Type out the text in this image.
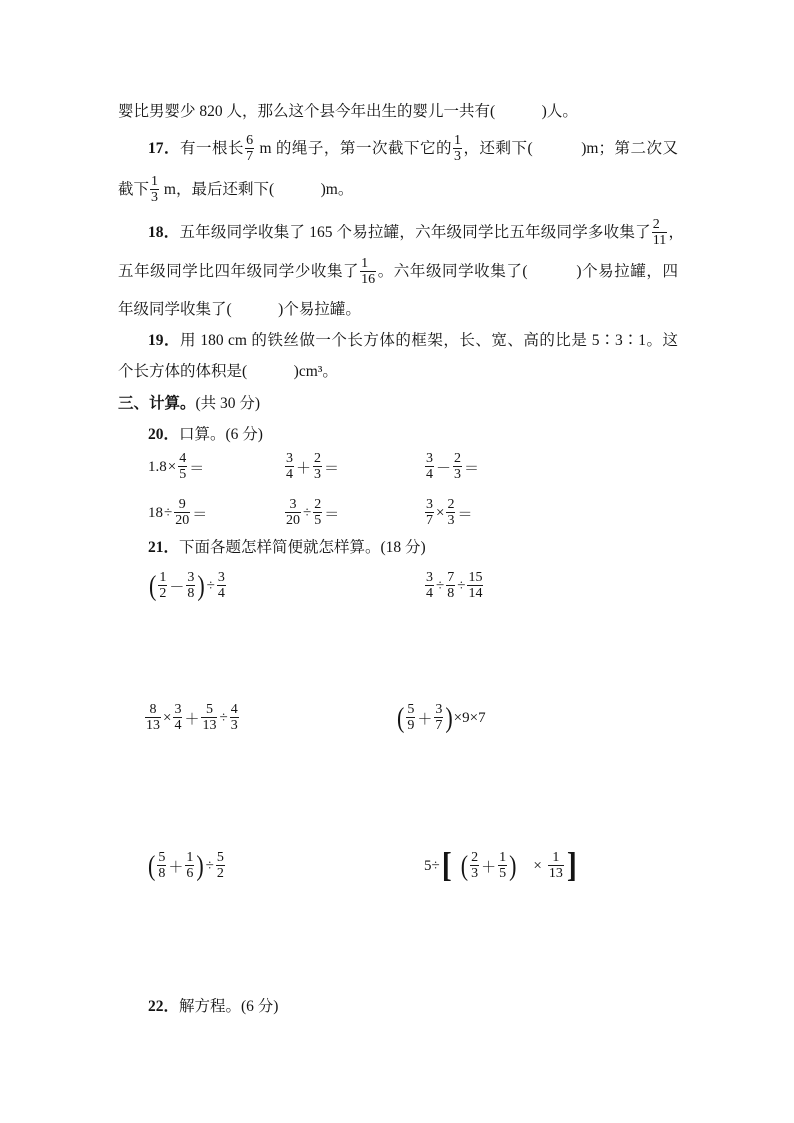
婴比男婴少 820 人，那么这个县今年出生的婴儿一共有(　　　)人。
17．有一根长 $\frac{6}{7}$ m 的绳子，第一次截下它的 $\frac{1}{3}$ ，还剩下(　　　)m；第二次又
截下 $\frac{1}{3}$ m，最后还剩下(　　　)m。
18．五年级同学收集了 165 个易拉罐，六年级同学比五年级同学多收集了 $\frac{2}{11}$ ，
五年级同学比四年级同学少收集了 $\frac{1}{16}$ 。六年级同学收集了(　　　)个易拉罐，四
年级同学收集了(　　　)个易拉罐。
19．用 180 cm 的铁丝做一个长方体的框架，长、宽、高的比是 5∶3∶1。这
个长方体的体积是(　　　)cm³。
三、计算。(共 30 分)
20．口算。(6 分)
$1.8 \times \frac{4}{5}$ ＝	$\frac{3}{4} + \frac{2}{3}$ ＝	$\frac{3}{4} - \frac{2}{3}$ ＝
$18 \div \frac{9}{20}$ ＝	$\frac{3}{20} \div \frac{2}{5}$ ＝	$\frac{3}{7} \times \frac{2}{3}$ ＝
21．下面各题怎样简便就怎样算。(18 分)
( $\frac{1}{2} - \frac{3}{8}$ ) ÷ $\frac{3}{4}$	$\frac{3}{4} \div \frac{7}{8} \div \frac{15}{14}$
$\frac{8}{13} \times \frac{3}{4} + \frac{5}{13} \div \frac{4}{3}$	( $\frac{5}{9} + \frac{3}{7}$ ) ×9×7
( $\frac{5}{8} + \frac{1}{6}$ ) ÷ $\frac{5}{2}$	5÷ [ ( $\frac{2}{3} + \frac{1}{5}$ ) × $\frac{1}{13}$ ]
22．解方程。(6 分)
